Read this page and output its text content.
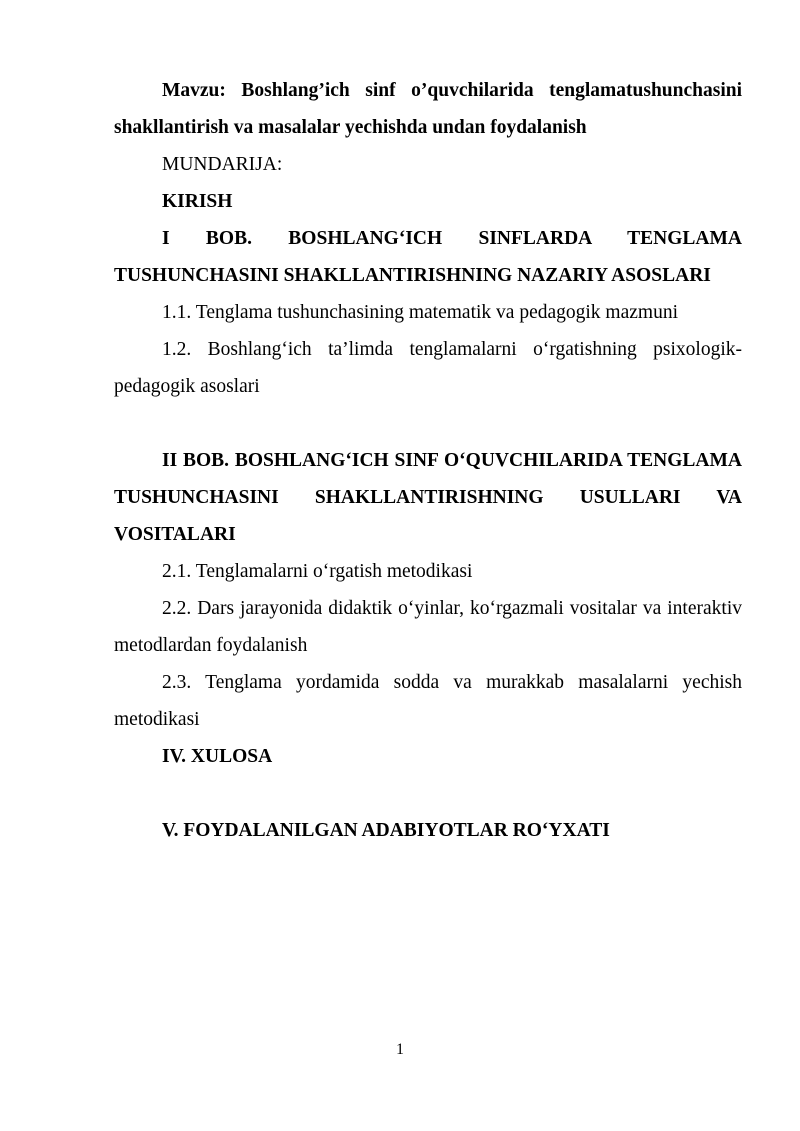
Mavzu: Boshlang’ich sinf o’quvchilarida tenglamatushunchasini shakllantirish va masalalar yechishda undan foydalanish

MUNDARIJA:

KIRISH

I BOB. BOSHLANG‘ICH SINFLARDA TENGLAMA TUSHUNCHASINI SHAKLLANTIRISHNING NAZARIY ASOSLARI

1.1. Tenglama tushunchasining matematik va pedagogik mazmuni

1.2. Boshlang‘ich ta’limda tenglamalarni o‘rgatishning psixologik-pedagogik asoslari

II BOB. BOSHLANG‘ICH SINF O‘QUVCHILARIDA TENGLAMA TUSHUNCHASINI SHAKLLANTIRISHNING USULLARI VA VOSITALARI

2.1. Tenglamalarni o‘rgatish metodikasi

2.2. Dars jarayonida didaktik o‘yinlar, ko‘rgazmali vositalar va interaktiv metodlardan foydalanish

2.3. Tenglama yordamida sodda va murakkab masalalarni yechish metodikasi

IV. XULOSA

V. FOYDALANILGAN ADABIYOTLAR RO‘YXATI

1
